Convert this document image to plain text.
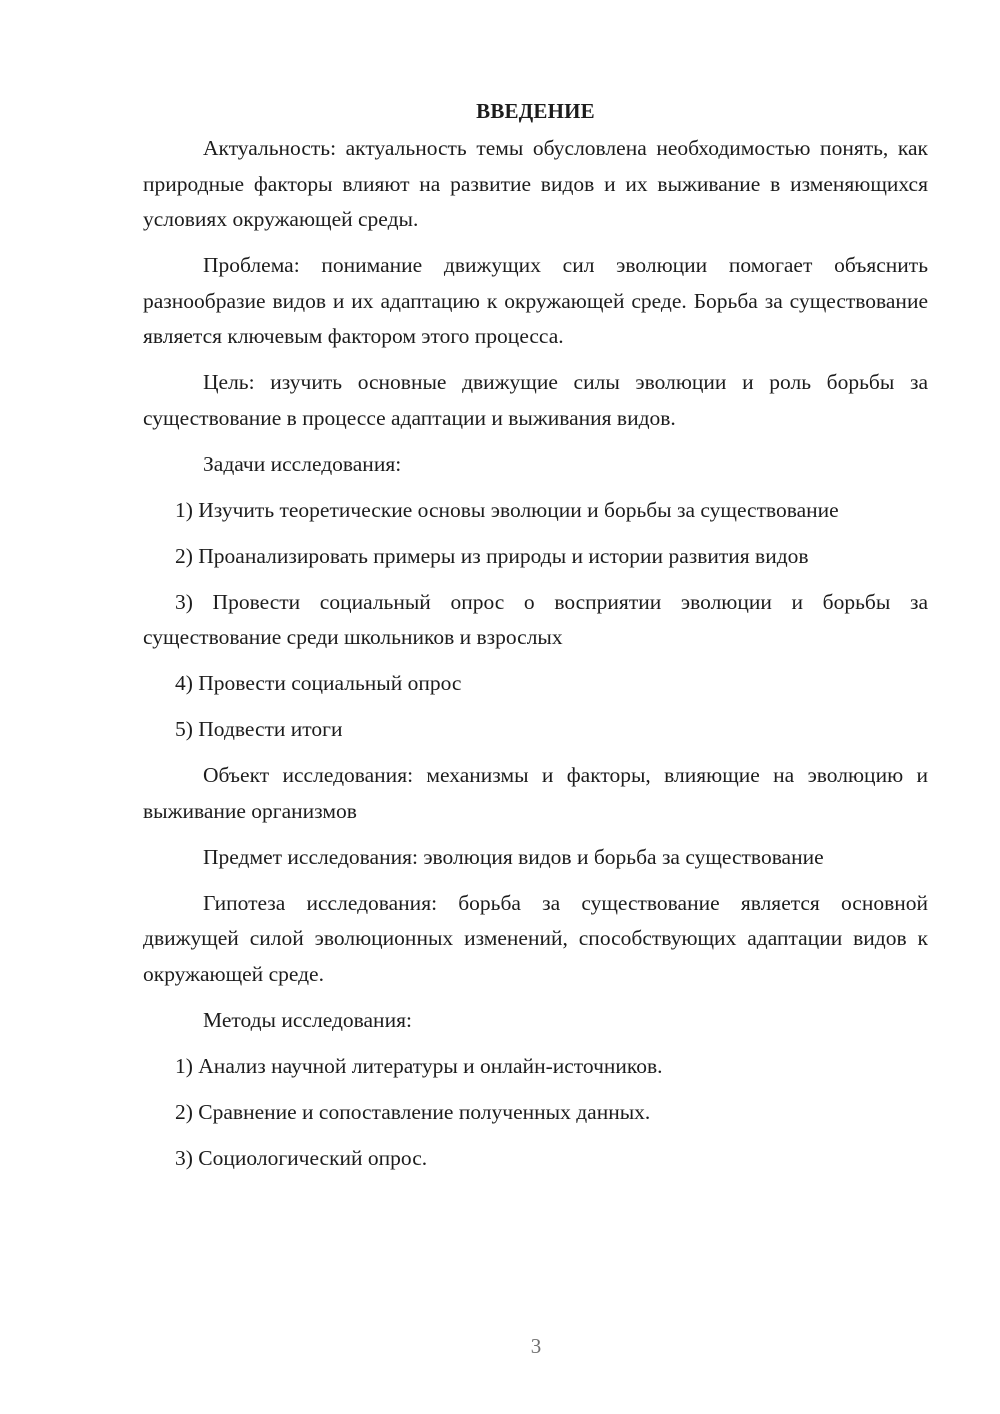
ВВЕДЕНИЕ

Актуальность: актуальность темы обусловлена необходимостью понять, как природные факторы влияют на развитие видов и их выживание в изменяющихся условиях окружающей среды.

Проблема: понимание движущих сил эволюции помогает объяснить разнообразие видов и их адаптацию к окружающей среде. Борьба за существование является ключевым фактором этого процесса.

Цель: изучить основные движущие силы эволюции и роль борьбы за существование в процессе адаптации и выживания видов.

Задачи исследования:

1) Изучить теоретические основы эволюции и борьбы за существование

2) Проанализировать примеры из природы и истории развития видов

3) Провести социальный опрос о восприятии эволюции и борьбы за существование среди школьников и взрослых

4) Провести социальный опрос

5) Подвести итоги

Объект исследования: механизмы и факторы, влияющие на эволюцию и выживание организмов

Предмет исследования: эволюция видов и борьба за существование

Гипотеза исследования: борьба за существование является основной движущей силой эволюционных изменений, способствующих адаптации видов к окружающей среде.

Методы исследования:

1) Анализ научной литературы и онлайн-источников.

2) Сравнение и сопоставление полученных данных.

3) Социологический опрос.

3
